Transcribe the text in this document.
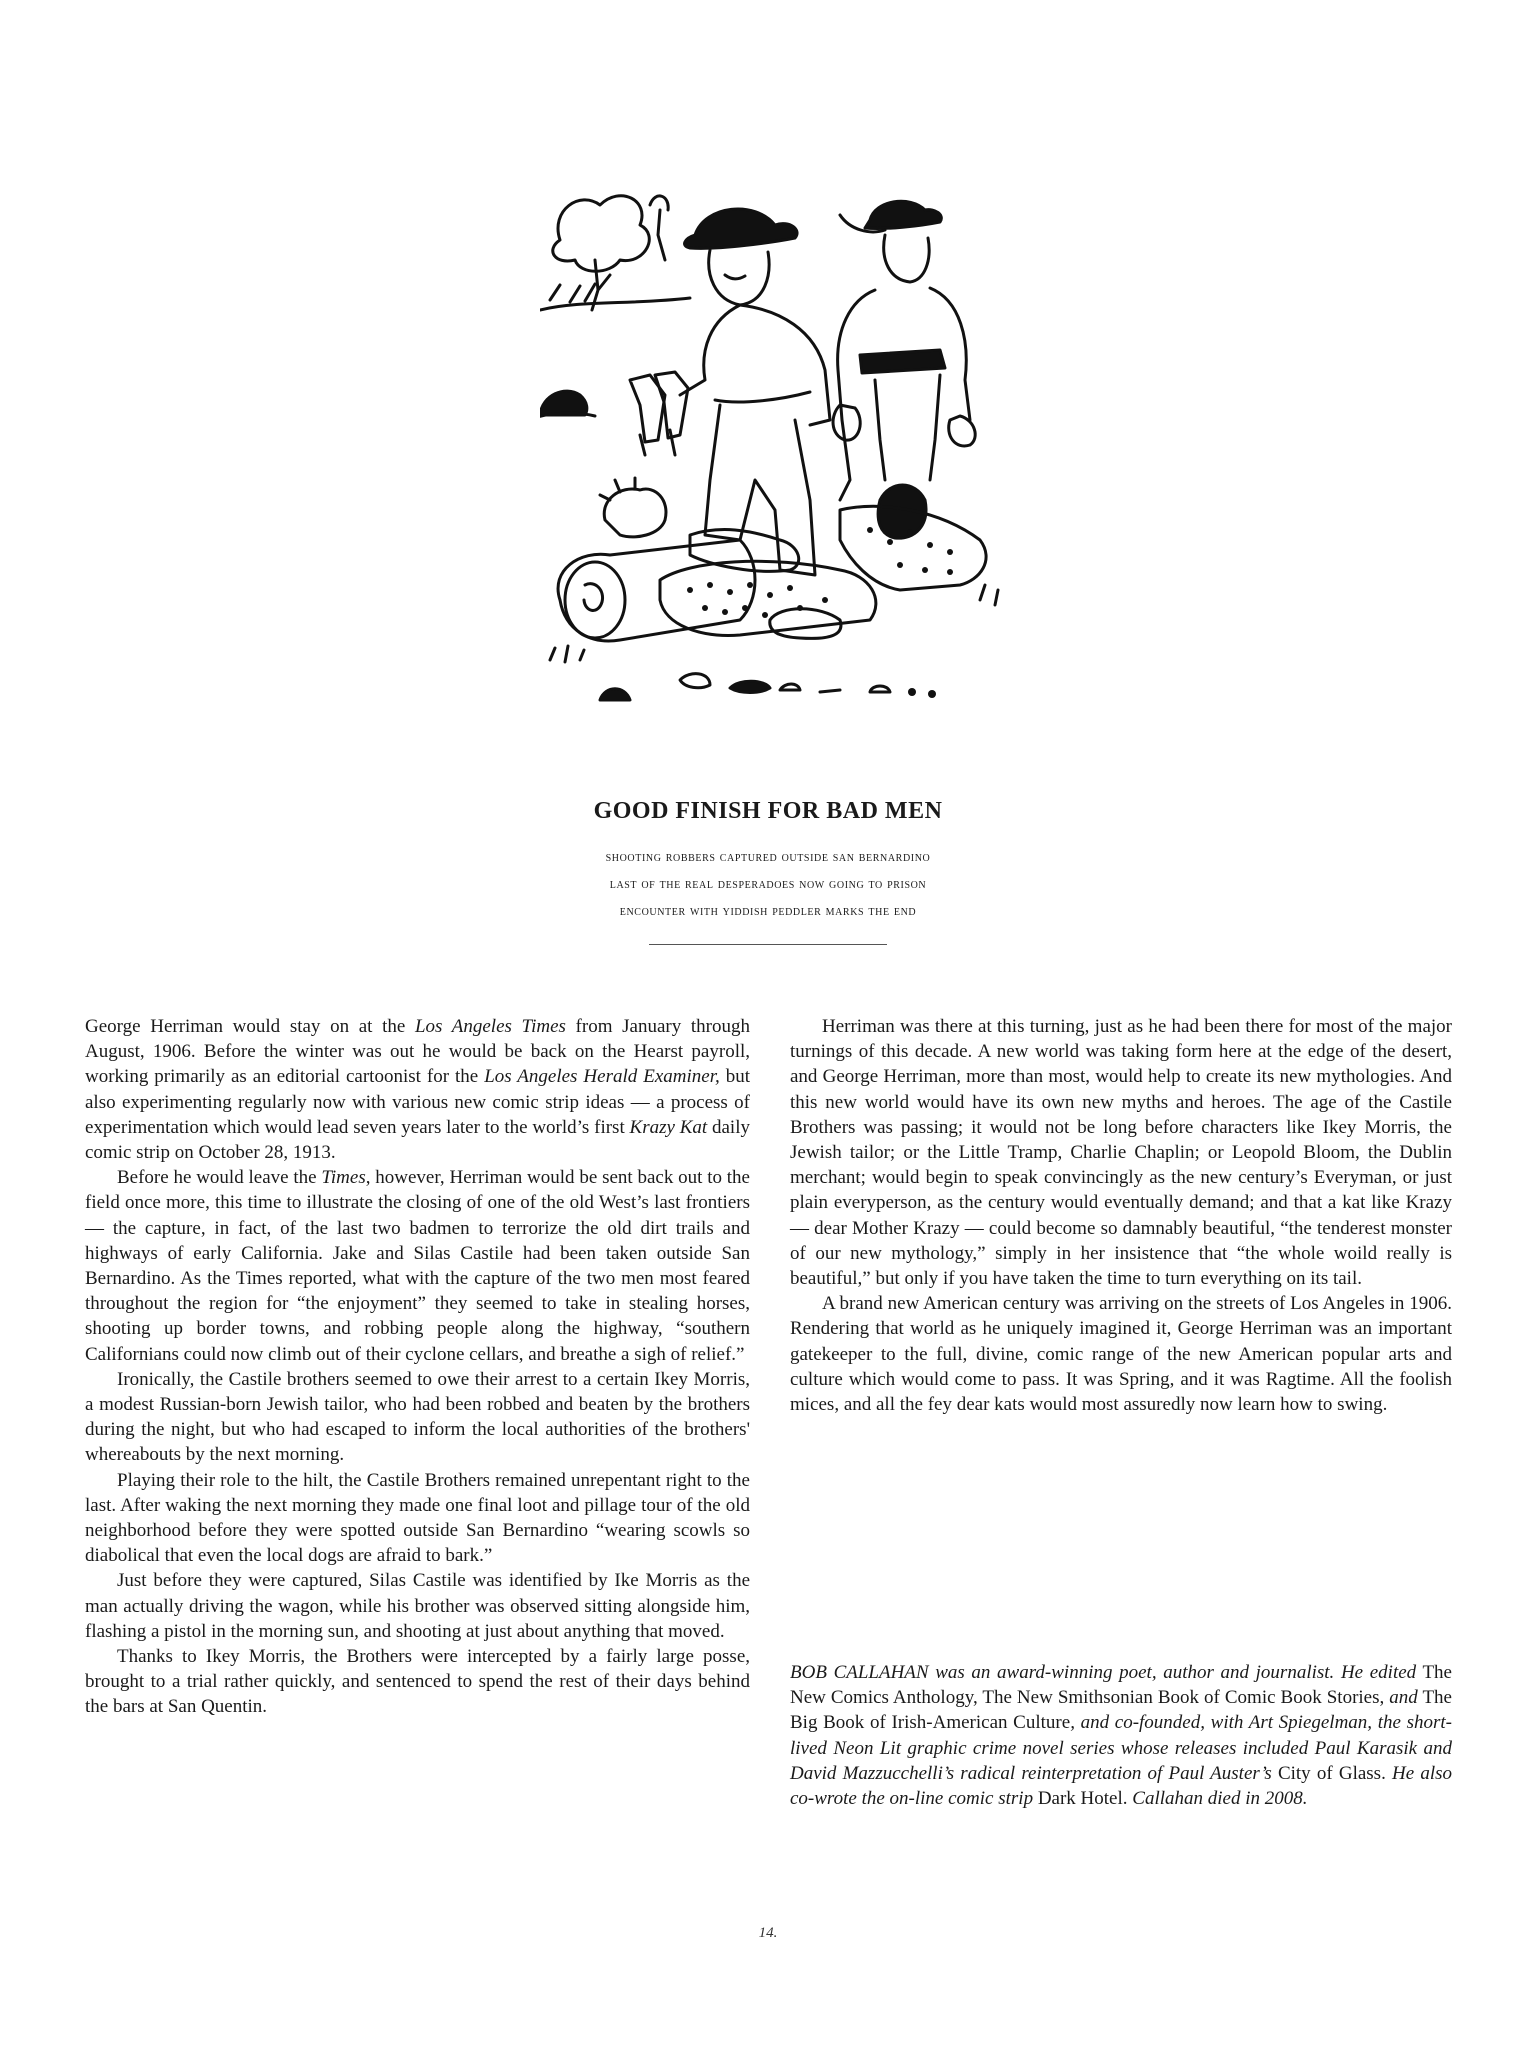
GOOD FINISH FOR BAD MEN
shooting robbers captured outside san bernardino
last of the real desperadoes now going to prison
encounter with yiddish peddler marks the end

George Herriman would stay on at the Los Angeles Times from January through August, 1906. Before the winter was out he would be back on the Hearst payroll, working primarily as an editorial cartoonist for the Los Angeles Herald Examiner, but also experimenting regularly now with various new comic strip ideas — a process of experimentation which would lead seven years later to the world’s first Krazy Kat daily comic strip on October 28, 1913.

Before he would leave the Times, however, Herriman would be sent back out to the field once more, this time to illustrate the closing of one of the old West’s last frontiers — the capture, in fact, of the last two badmen to terrorize the old dirt trails and highways of early California. Jake and Silas Castile had been taken outside San Bernardino. As the Times reported, what with the capture of the two men most feared throughout the region for “the enjoyment” they seemed to take in stealing horses, shooting up border towns, and robbing people along the highway, “southern Californians could now climb out of their cyclone cellars, and breathe a sigh of relief.”

Ironically, the Castile brothers seemed to owe their arrest to a certain Ikey Morris, a modest Russian-born Jewish tailor, who had been robbed and beaten by the brothers during the night, but who had escaped to inform the local authorities of the brothers' whereabouts by the next morning.

Playing their role to the hilt, the Castile Brothers remained unrepentant right to the last. After waking the next morning they made one final loot and pillage tour of the old neighborhood before they were spotted outside San Bernardino “wearing scowls so diabolical that even the local dogs are afraid to bark.”

Just before they were captured, Silas Castile was identified by Ike Morris as the man actually driving the wagon, while his brother was observed sitting alongside him, flashing a pistol in the morning sun, and shooting at just about anything that moved.

Thanks to Ikey Morris, the Brothers were intercepted by a fairly large posse, brought to a trial rather quickly, and sentenced to spend the rest of their days behind the bars at San Quentin.

Herriman was there at this turning, just as he had been there for most of the major turnings of this decade. A new world was taking form here at the edge of the desert, and George Herriman, more than most, would help to create its new mythologies. And this new world would have its own new myths and heroes. The age of the Castile Brothers was passing; it would not be long before characters like Ikey Morris, the Jewish tailor; or the Little Tramp, Charlie Chaplin; or Leopold Bloom, the Dublin merchant; would begin to speak convincingly as the new century’s Everyman, or just plain everyperson, as the century would eventually demand; and that a kat like Krazy — dear Mother Krazy — could become so damnably beautiful, “the tenderest monster of our new mythology,” simply in her insistence that “the whole woild really is beautiful,” but only if you have taken the time to turn everything on its tail.

A brand new American century was arriving on the streets of Los Angeles in 1906. Rendering that world as he uniquely imagined it, George Herriman was an important gatekeeper to the full, divine, comic range of the new American popular arts and culture which would come to pass. It was Spring, and it was Ragtime. All the foolish mices, and all the fey dear kats would most assuredly now learn how to swing.

BOB CALLAHAN was an award-winning poet, author and journalist. He edited The New Comics Anthology, The New Smithsonian Book of Comic Book Stories, and The Big Book of Irish-American Culture, and co-founded, with Art Spiegelman, the short-lived Neon Lit graphic crime novel series whose releases included Paul Karasik and David Mazzucchelli’s radical reinterpretation of Paul Auster’s City of Glass. He also co-wrote the on-line comic strip Dark Hotel. Callahan died in 2008.

14.
